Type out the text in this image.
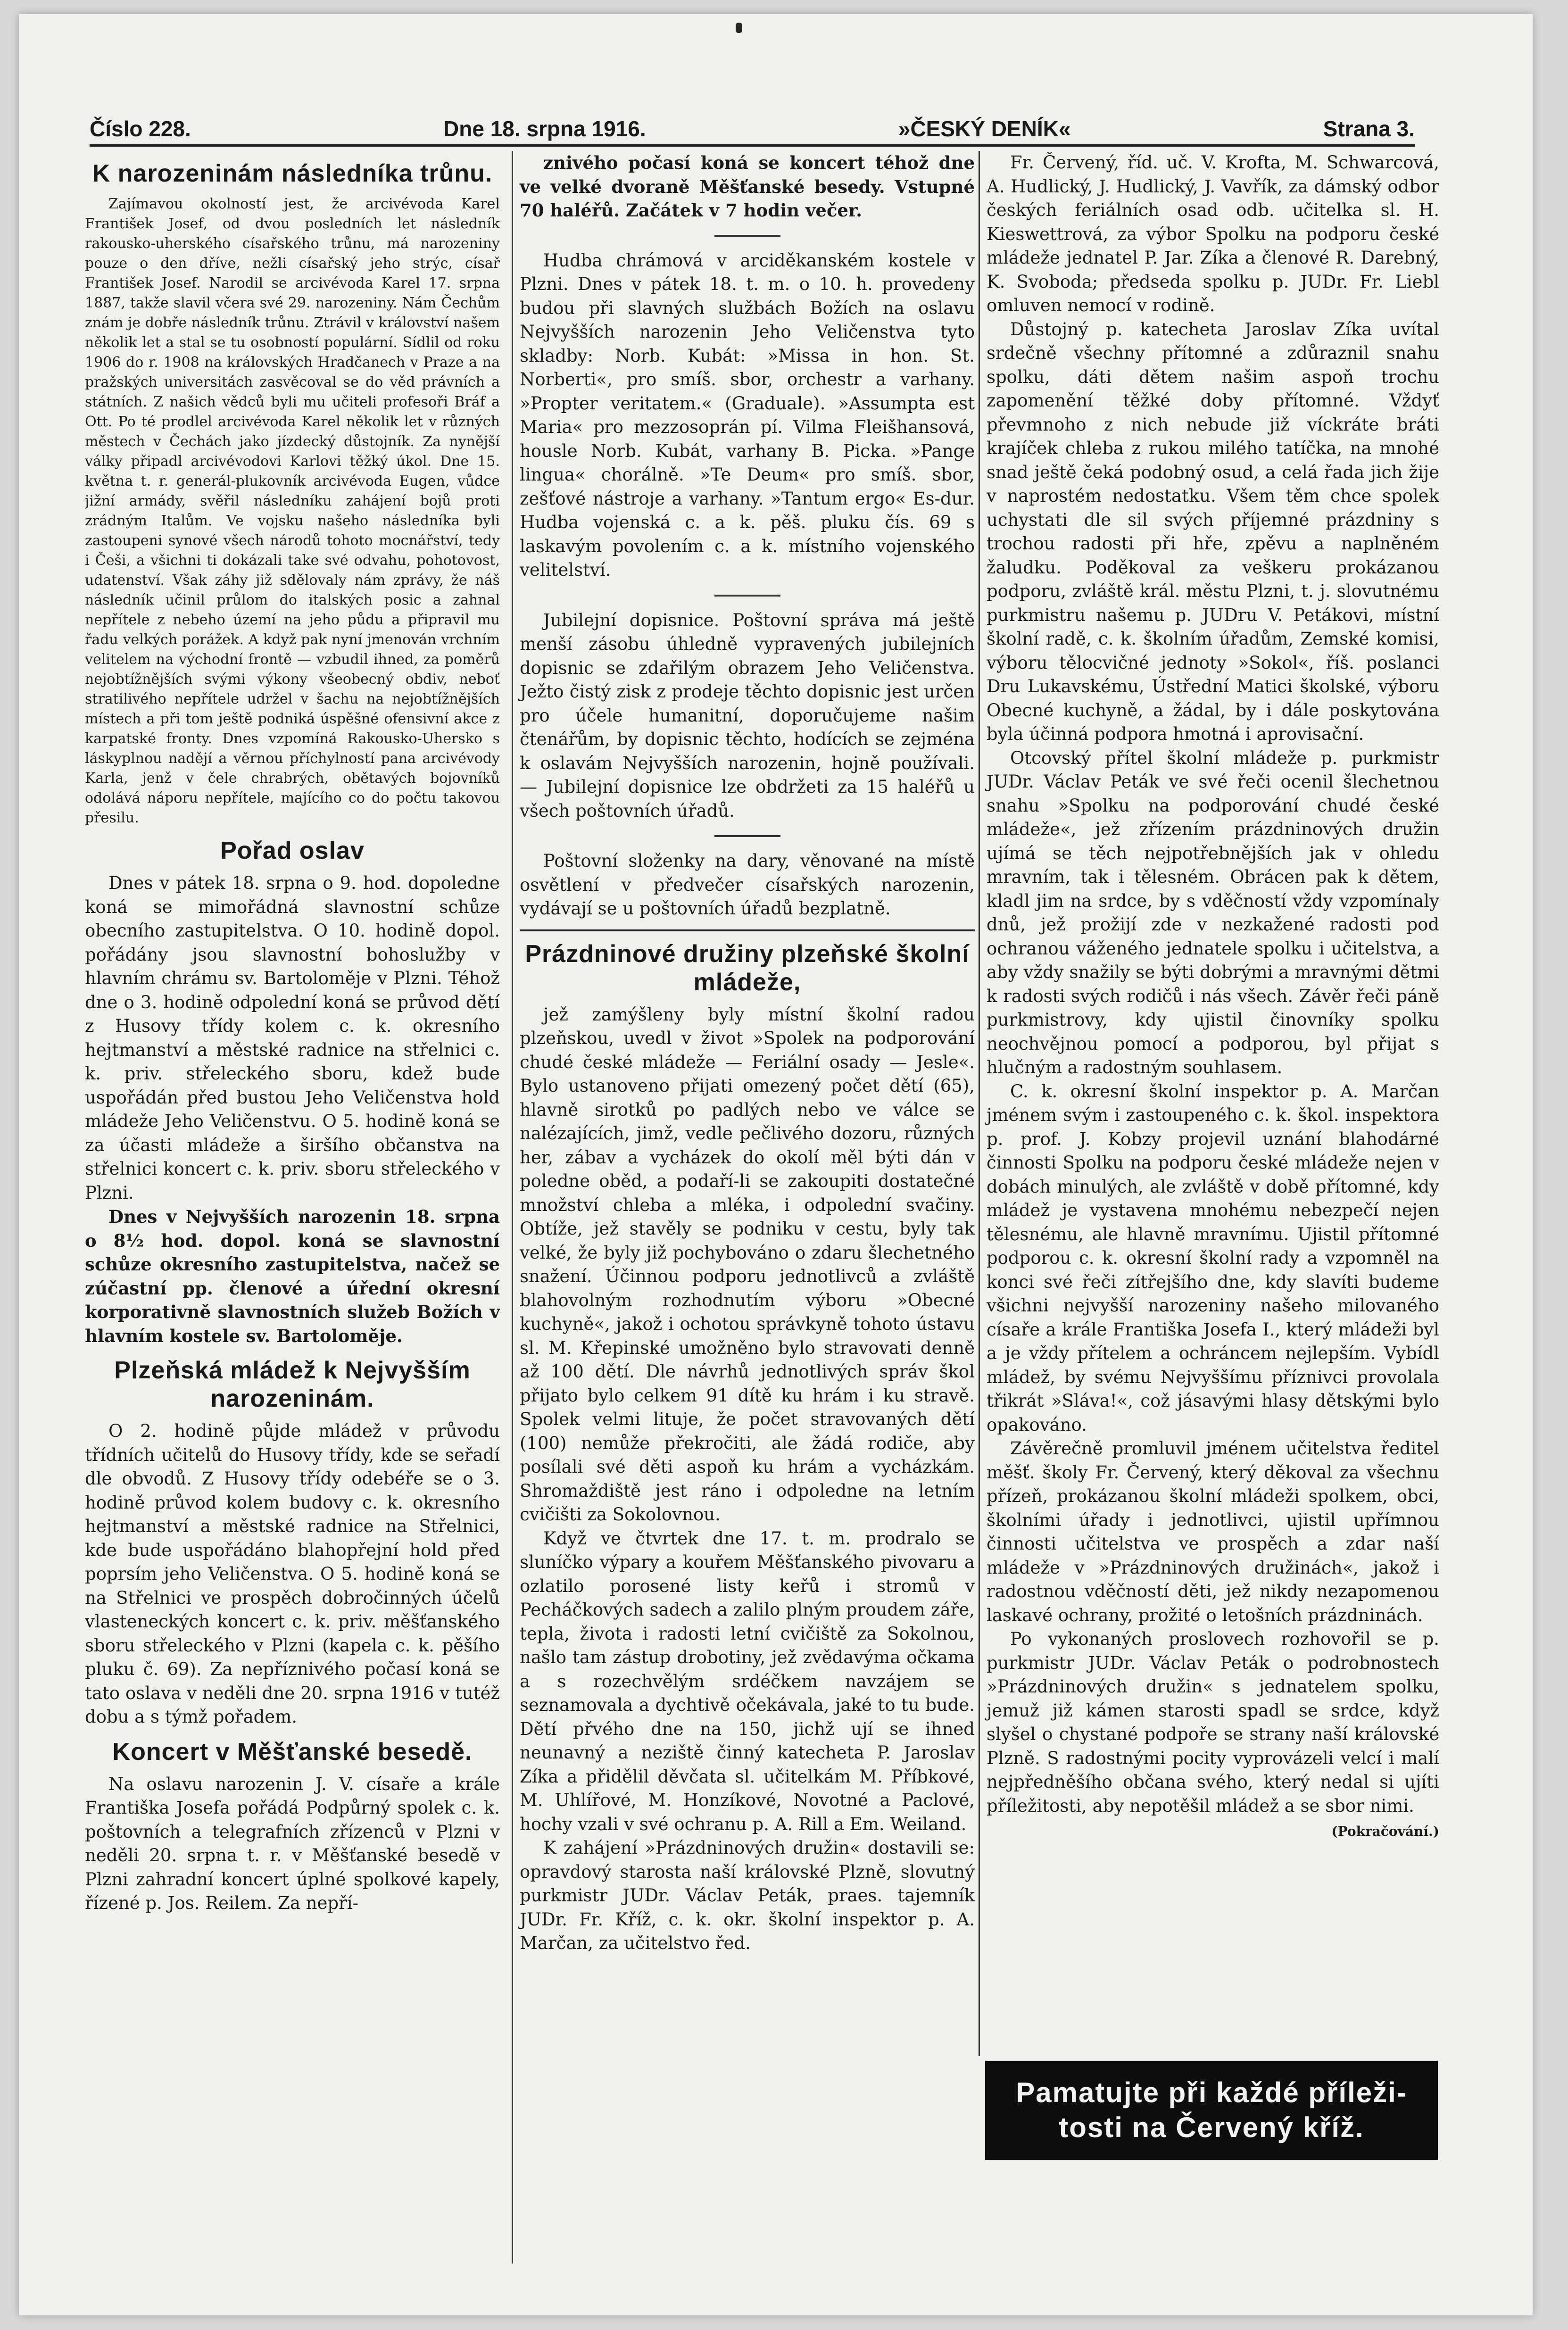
Číslo 228.	Dne 18. srpna 1916.	»ČESKÝ DENÍK«	Strana 3.
K narozeninám následníka trůnu.

Zajímavou okolností jest, že arcivévoda Karel František Josef, od dvou posledních let následník rakousko-uherského císařského trůnu, má narozeniny pouze o den dříve, nežli císařský jeho strýc, císař František Josef. Narodil se arcivévoda Karel 17. srpna 1887, takže slavil včera své 29. narozeniny. Nám Čechům znám je dobře následník trůnu. Ztrávil v království našem několik let a stal se tu osobností populární. Sídlil od roku 1906 do r. 1908 na královských Hradčanech v Praze a na pražských universitách zasvěcoval se do věd právních a státních. Z našich vědců byli mu učiteli profesoři Bráf a Ott. Po té prodlel arcivévoda Karel několik let v různých městech v Čechách jako jízdecký důstojník. Za nynější války připadl arcivévodovi Karlovi těžký úkol. Dne 15. května t. r. generál-plukovník arcivévoda Eugen, vůdce jižní armády, svěřil následníku zahájení bojů proti zrádným Italům. Ve vojsku našeho následníka byli zastoupeni synové všech národů tohoto mocnářství, tedy i Češi, a všichni ti dokázali take své odvahu, pohotovost, udatenství. Však záhy již sdělovaly nám zprávy, že náš následník učinil průlom do italských posic a zahnal nepřítele z nebeho území na jeho půdu a připravil mu řadu velkých porážek. A když pak nyní jmenován vrchním velitelem na východní frontě — vzbudil ihned, za poměrů nejobtížnějších svými výkony všeobecný obdiv, neboť stratilivého nepřítele udržel v šachu na nejobtížnějších místech a při tom ještě podniká úspěšné ofensivní akce z karpatské fronty. Dnes vzpomíná Rakousko-Uhersko s láskyplnou nadějí a věrnou příchylností pana arcivévody Karla, jenž v čele chrabrých, obětavých bojovníků odolává náporu nepřítele, majícího co do počtu takovou přesilu.

Pořad oslav

Dnes v pátek 18. srpna o 9. hod. dopoledne koná se mimořádná slavnostní schůze obecního zastupitelstva. O 10. hodině dopol. pořádány jsou slavnostní bohoslužby v hlavním chrámu sv. Bartoloměje v Plzni. Téhož dne o 3. hodině odpolední koná se průvod dětí z Husovy třídy kolem c. k. okresního hejtmanství a městské radnice na střelnici c. k. priv. střeleckého sboru, kdež bude uspořádán před bustou Jeho Veličenstva hold mládeže Jeho Veličenstvu. O 5. hodině koná se za účasti mládeže a širšího občanstva na střelnici koncert c. k. priv. sboru střeleckého v Plzni.

Dnes v Nejvyšších narozenin 18. srpna o 8½ hod. dopol. koná se slavnostní schůze okresního zastupitelstva, načež se zúčastní pp. členové a úřední okresní korporativně slavnostních služeb Božích v hlavním kostele sv. Bartoloměje.

Plzeňská mládež k Nejvyšším narozeninám.

O 2. hodině půjde mládež v průvodu třídních učitelů do Husovy třídy, kde se seřadí dle obvodů. Z Husovy třídy odebéře se o 3. hodině průvod kolem budovy c. k. okresního hejtmanství a městské radnice na Střelnici, kde bude uspořádáno blahopřejní hold před poprsím jeho Veličenstva. O 5. hodině koná se na Střelnici ve prospěch dobročinných účelů vlasteneckých koncert c. k. priv. měšťanského sboru střeleckého v Plzni (kapela c. k. pěšího pluku č. 69). Za nepříznivého počasí koná se tato oslava v neděli dne 20. srpna 1916 v tutéž dobu a s týmž pořadem.

Koncert v Měšťanské besedě.

Na oslavu narozenin J. V. císaře a krále Františka Josefa pořádá Podpůrný spolek c. k. poštovních a telegrafních zřízenců v Plzni v neděli 20. srpna t. r. v Měšťanské besedě v Plzni zahradní koncert úplné spolkové kapely, řízené p. Jos. Reilem. Za nepří-

znivého počasí koná se koncert téhož dne ve velké dvoraně Měšťanské besedy. Vstupné 70 haléřů. Začátek v 7 hodin večer.

Hudba chrámová v arciděkanském kostele v Plzni. Dnes v pátek 18. t. m. o 10. h. provedeny budou při slavných službách Božích na oslavu Nejvyšších narozenin Jeho Veličenstva tyto skladby: Norb. Kubát: »Missa in hon. St. Norberti«, pro smíš. sbor, orchestr a varhany. »Propter veritatem.« (Graduale). »Assumpta est Maria« pro mezzosoprán pí. Vilma Fleišhansová, housle Norb. Kubát, varhany B. Picka. »Pange lingua« chorálně. »Te Deum« pro smíš. sbor, zešťové nástroje a varhany. »Tantum ergo« Es-dur. Hudba vojenská c. a k. pěš. pluku čís. 69 s laskavým povolením c. a k. místního vojenského velitelství.

Jubilejní dopisnice. Poštovní správa má ještě menší zásobu úhledně vypravených jubilejních dopisnic se zdařilým obrazem Jeho Veličenstva. Ježto čistý zisk z prodeje těchto dopisnic jest určen pro účele humanitní, doporučujeme našim čtenářům, by dopisnic těchto, hodících se zejména k oslavám Nejvyšších narozenin, hojně používali. — Jubilejní dopisnice lze obdržeti za 15 haléřů u všech poštovních úřadů.

Poštovní složenky na dary, věnované na místě osvětlení v předvečer císařských narozenin, vydávají se u poštovních úřadů bezplatně.

Prázdninové družiny plzeňské školní mládeže,

jež zamýšleny byly místní školní radou plzeňskou, uvedl v život »Spolek na podporování chudé české mládeže — Feriální osady — Jesle«. Bylo ustanoveno přijati omezený počet dětí (65), hlavně sirotků po padlých nebo ve válce se nalézajících, jimž, vedle pečlivého dozoru, různých her, zábav a vycházek do okolí měl býti dán v poledne oběd, a podaří-li se zakoupiti dostatečné množství chleba a mléka, i odpolední svačiny. Obtíže, jež stavěly se podniku v cestu, byly tak velké, že byly již pochybováno o zdaru šlechetného snažení. Účinnou podporu jednotlivců a zvláště blahovolným rozhodnutím výboru »Obecné kuchyně«, jakož i ochotou správkyně tohoto ústavu sl. M. Křepinské umožněno bylo stravovati denně až 100 dětí. Dle návrhů jednotlivých správ škol přijato bylo celkem 91 dítě ku hrám i ku stravě. Spolek velmi lituje, že počet stravovaných dětí (100) nemůže překročiti, ale žádá rodiče, aby posílali své děti aspoň ku hrám a vycházkám. Shromaždiště jest ráno i odpoledne na letním cvičišti za Sokolovnou.

Když ve čtvrtek dne 17. t. m. prodralo se sluníčko výpary a kouřem Měšťanského pivovaru a ozlatilo porosené listy keřů i stromů v Pecháčkových sadech a zalilo plným proudem záře, tepla, života i radosti letní cvičiště za Sokolnou, našlo tam zástup drobotiny, jež zvědavýma očkama a s rozechvělým srdéčkem navzájem se seznamovala a dychtivě očekávala, jaké to tu bude. Dětí přvého dne na 150, jichž ují se ihned neunavný a neziště činný katecheta P. Jaroslav Zíka a přidělil děvčata sl. učitelkám M. Příbkové, M. Uhlířové, M. Honzíkové, Novotné a Paclové, hochy vzali v své ochranu p. A. Rill a Em. Weiland.

K zahájení »Prázdninových družin« dostavili se: opravdový starosta naší královské Plzně, slovutný purkmistr JUDr. Václav Peták, praes. tajemník JUDr. Fr. Kříž, c. k. okr. školní inspektor p. A. Marčan, za učitelstvo řed.

Fr. Červený, říd. uč. V. Krofta, M. Schwarcová, A. Hudlický, J. Hudlický, J. Vavřík, za dámský odbor českých feriálních osad odb. učitelka sl. H. Kieswettrová, za výbor Spolku na podporu české mládeže jednatel P. Jar. Zíka a členové R. Darebný, K. Svoboda; předseda spolku p. JUDr. Fr. Liebl omluven nemocí v rodině.

Důstojný p. katecheta Jaroslav Zíka uvítal srdečně všechny přítomné a zdůraznil snahu spolku, dáti dětem našim aspoň trochu zapomenění těžké doby přítomné. Vždyť převmnoho z nich nebude již víckráte bráti krajíček chleba z rukou milého tatíčka, na mnohé snad ještě čeká podobný osud, a celá řada jich žije v naprostém nedostatku. Všem těm chce spolek uchystati dle sil svých příjemné prázdniny s trochou radosti při hře, zpěvu a naplněném žaludku. Poděkoval za veškeru prokázanou podporu, zvláště král. městu Plzni, t. j. slovutnému purkmistru našemu p. JUDru V. Petákovi, místní školní radě, c. k. školním úřadům, Zemské komisi, výboru tělocvičné jednoty »Sokol«, říš. poslanci Dru Lukavskému, Ústřední Matici školské, výboru Obecné kuchyně, a žádal, by i dále poskytována byla účinná podpora hmotná i aprovisační.

Otcovský přítel školní mládeže p. purkmistr JUDr. Václav Peták ve své řeči ocenil šlechetnou snahu »Spolku na podporování chudé české mládeže«, jež zřízením prázdninových družin ujímá se těch nejpotřebnějších jak v ohledu mravním, tak i tělesném. Obrácen pak k dětem, kladl jim na srdce, by s vděčností vždy vzpomínaly dnů, jež prožijí zde v nezkažené radosti pod ochranou váženého jednatele spolku i učitelstva, a aby vždy snažily se býti dobrými a mravnými dětmi k radosti svých rodičů i nás všech. Závěr řeči páně purkmistrovy, kdy ujistil činovníky spolku neochvějnou pomocí a podporou, byl přijat s hlučným a radostným souhlasem.

C. k. okresní školní inspektor p. A. Marčan jménem svým i zastoupeného c. k. škol. inspektora p. prof. J. Kobzy projevil uznání blahodárné činnosti Spolku na podporu české mládeže nejen v dobách minulých, ale zvláště v době přítomné, kdy mládež je vystavena mnohému nebezpečí nejen tělesnému, ale hlavně mravnímu. Ujistil přítomné podporou c. k. okresní školní rady a vzpomněl na konci své řeči zítřejšího dne, kdy slavíti budeme všichni nejvyšší narozeniny našeho milovaného císaře a krále Františka Josefa I., který mládeži byl a je vždy přítelem a ochráncem nejlepším. Vybídl mládež, by svému Nejvyššímu příznivci provolala třikrát »Sláva!«, což jásavými hlasy dětskými bylo opakováno.

Závěrečně promluvil jménem učitelstva ředitel měšť. školy Fr. Červený, který děkoval za všechnu přízeň, prokázanou školní mládeži spolkem, obci, školními úřady i jednotlivci, ujistil upřímnou činnosti učitelstva ve prospěch a zdar naší mládeže v »Prázdninových družinách«, jakož i radostnou vděčností děti, jež nikdy nezapomenou laskavé ochrany, prožité o letošních prázdninách.

Po vykonaných proslovech rozhovořil se p. purkmistr JUDr. Václav Peták o podrobnostech »Prázdninových družin« s jednatelem spolku, jemuž již kámen starosti spadl se srdce, když slyšel o chystané podpoře se strany naší královské Plzně. S radostnými pocity vyprovázeli velcí i malí nejpředněšího občana svého, který nedal si ujíti příležitosti, aby nepotěšil mládež a se sbor nimi.

(Pokračování.)
Pamatujte při každé příleži-
tosti na Červený kříž.
